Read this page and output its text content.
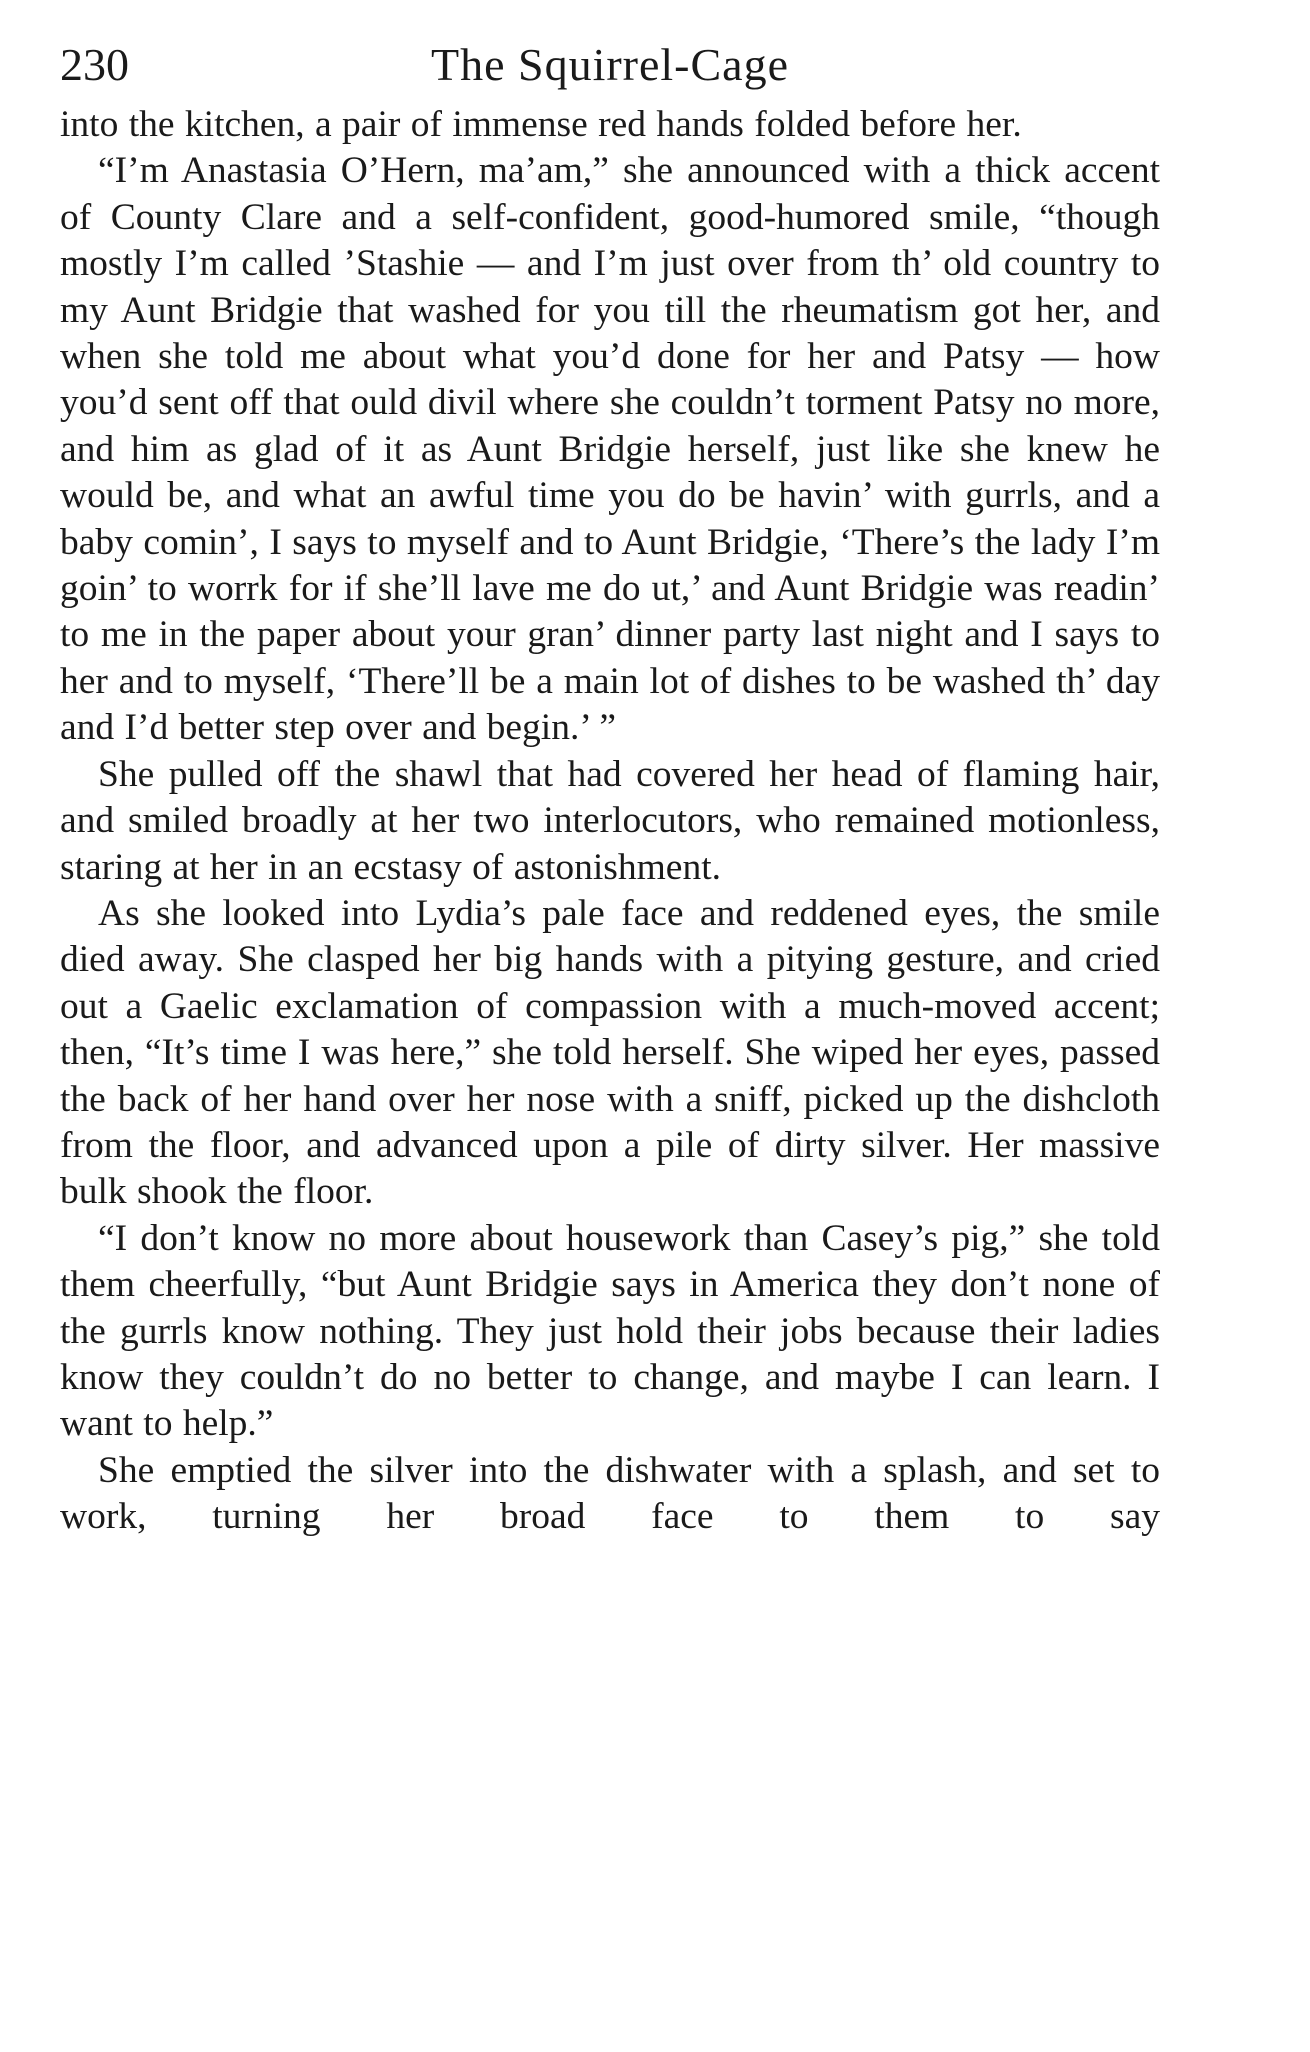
230	The Squirrel-Cage

into the kitchen, a pair of immense red hands folded before her.

“I’m Anastasia O’Hern, ma’am,” she announced with a thick accent of County Clare and a self-confident, good-humored smile, “though mostly I’m called ’Stashie — and I’m just over from th’ old country to my Aunt Bridgie that washed for you till the rheumatism got her, and when she told me about what you’d done for her and Patsy — how you’d sent off that ould divil where she couldn’t torment Patsy no more, and him as glad of it as Aunt Bridgie herself, just like she knew he would be, and what an awful time you do be havin’ with gurrls, and a baby comin’, I says to myself and to Aunt Bridgie, ‘There’s the lady I’m goin’ to worrk for if she’ll lave me do ut,’ and Aunt Bridgie was readin’ to me in the paper about your gran’ dinner party last night and I says to her and to myself, ‘There’ll be a main lot of dishes to be washed th’ day and I’d better step over and begin.’ ”

She pulled off the shawl that had covered her head of flaming hair, and smiled broadly at her two interlocutors, who remained motionless, staring at her in an ecstasy of astonishment.

As she looked into Lydia’s pale face and reddened eyes, the smile died away. She clasped her big hands with a pitying gesture, and cried out a Gaelic exclamation of compassion with a much-moved accent; then, “It’s time I was here,” she told herself. She wiped her eyes, passed the back of her hand over her nose with a sniff, picked up the dishcloth from the floor, and advanced upon a pile of dirty silver. Her massive bulk shook the floor.

“I don’t know no more about housework than Casey’s pig,” she told them cheerfully, “but Aunt Bridgie says in America they don’t none of the gurrls know nothing. They just hold their jobs because their ladies know they couldn’t do no better to change, and maybe I can learn. I want to help.”

She emptied the silver into the dishwater with a splash, and set to work, turning her broad face to them to say
